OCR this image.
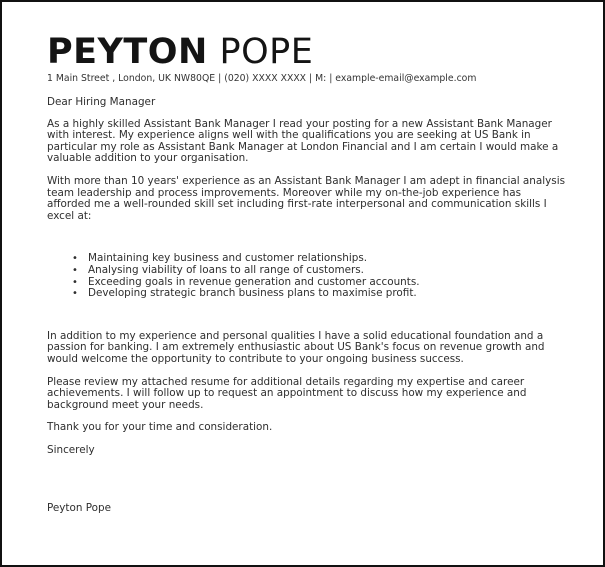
PEYTON POPE
1 Main Street , London, UK NW80QE | (020) XXXX XXXX | M: | example-email@example.com

Dear Hiring Manager

As a highly skilled Assistant Bank Manager I read your posting for a new Assistant Bank Manager with interest. My experience aligns well with the qualifications you are seeking at US Bank in particular my role as Assistant Bank Manager at London Financial and I am certain I would make a valuable addition to your organisation.

With more than 10 years' experience as an Assistant Bank Manager I am adept in financial analysis team leadership and process improvements. Moreover while my on-the-job experience has afforded me a well-rounded skill set including first-rate interpersonal and communication skills I excel at:

• Maintaining key business and customer relationships.
• Analysing viability of loans to all range of customers.
• Exceeding goals in revenue generation and customer accounts.
• Developing strategic branch business plans to maximise profit.

In addition to my experience and personal qualities I have a solid educational foundation and a passion for banking. I am extremely enthusiastic about US Bank's focus on revenue growth and would welcome the opportunity to contribute to your ongoing business success.

Please review my attached resume for additional details regarding my expertise and career achievements. I will follow up to request an appointment to discuss how my experience and background meet your needs.

Thank you for your time and consideration.

Sincerely

Peyton Pope
